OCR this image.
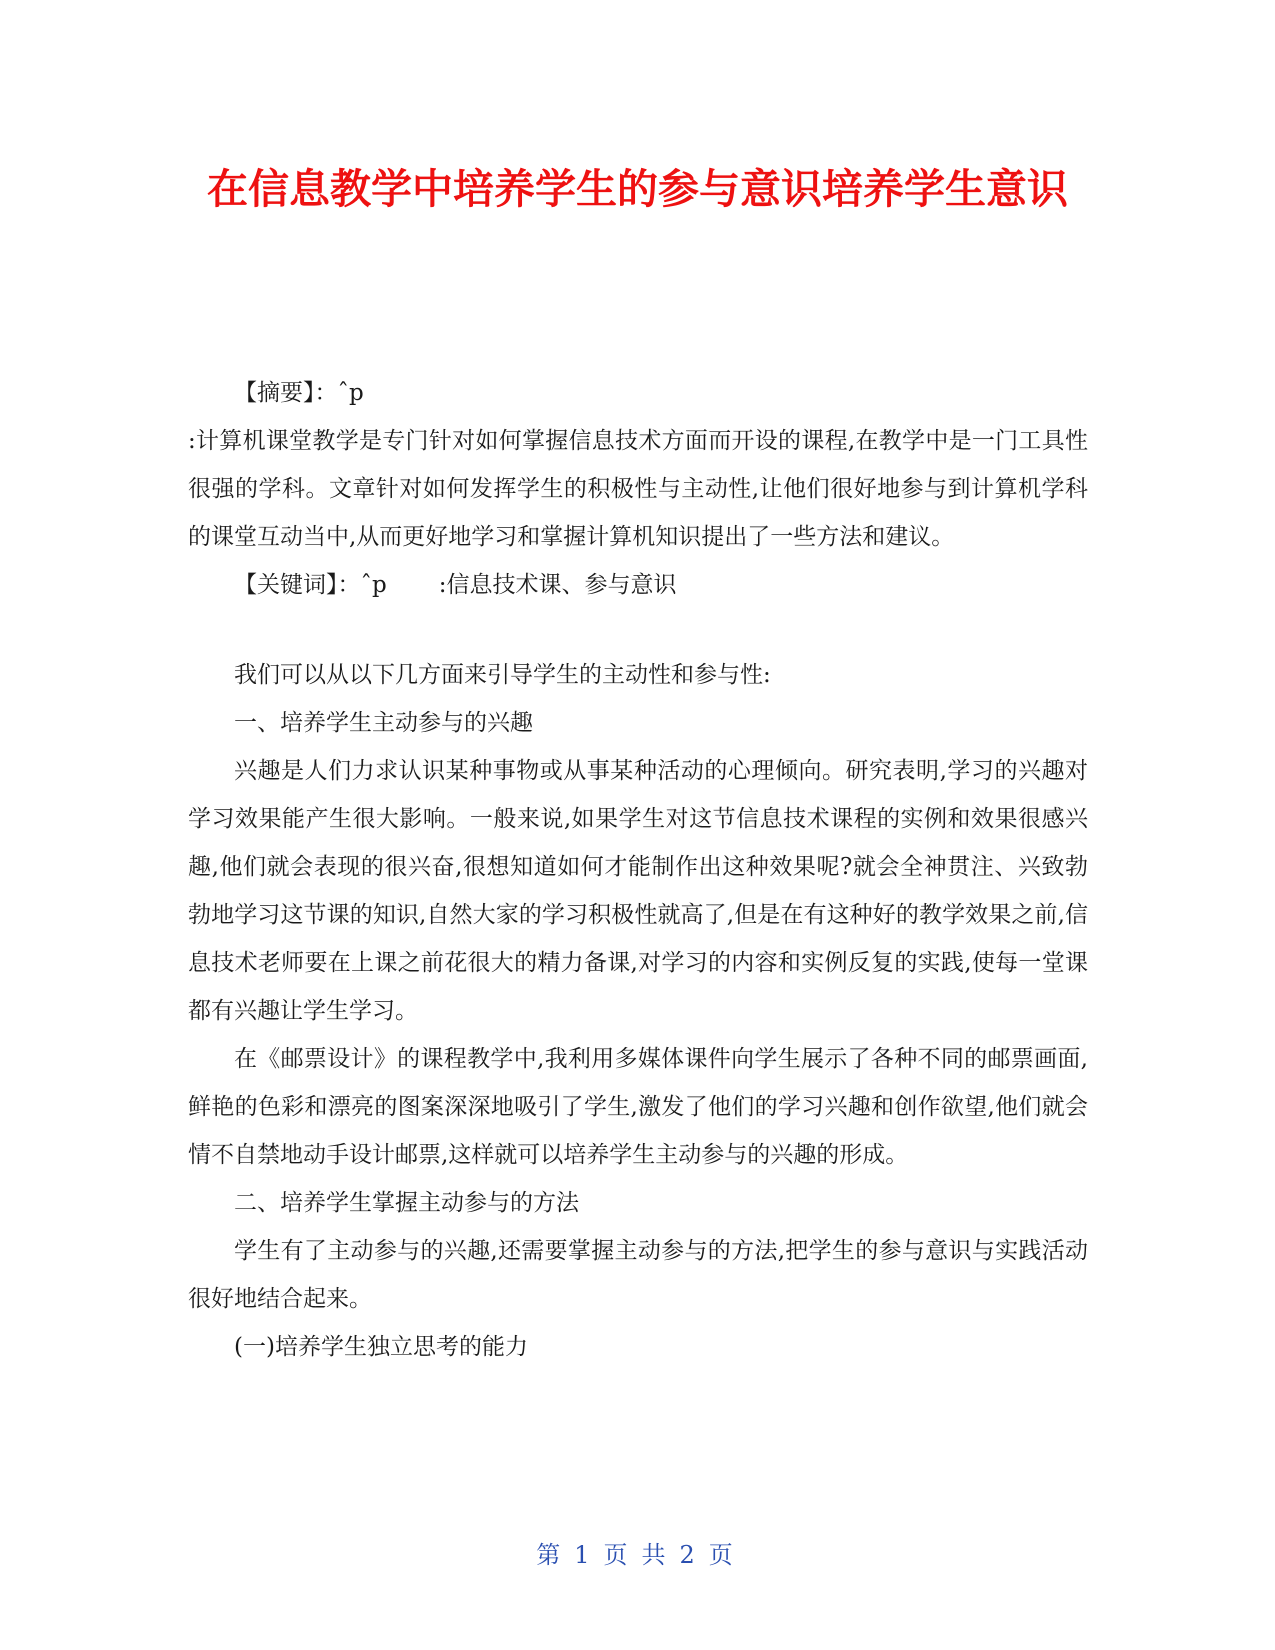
在信息教学中培养学生的参与意识培养学生意识

【摘要】：ˆp

:计算机课堂教学是专门针对如何掌握信息技术方面而开设的课程,在教学中是一门工具性很强的学科。文章针对如何发挥学生的积极性与主动性,让他们很好地参与到计算机学科的课堂互动当中,从而更好地学习和掌握计算机知识提出了一些方法和建议。

【关键词】：ˆp :信息技术课、参与意识

我们可以从以下几方面来引导学生的主动性和参与性:

一、培养学生主动参与的兴趣

兴趣是人们力求认识某种事物或从事某种活动的心理倾向。研究表明,学习的兴趣对学习效果能产生很大影响。一般来说,如果学生对这节信息技术课程的实例和效果很感兴趣,他们就会表现的很兴奋,很想知道如何才能制作出这种效果呢?就会全神贯注、兴致勃勃地学习这节课的知识,自然大家的学习积极性就高了,但是在有这种好的教学效果之前,信息技术老师要在上课之前花很大的精力备课,对学习的内容和实例反复的实践,使每一堂课都有兴趣让学生学习。

在《邮票设计》的课程教学中,我利用多媒体课件向学生展示了各种不同的邮票画面,鲜艳的色彩和漂亮的图案深深地吸引了学生,激发了他们的学习兴趣和创作欲望,他们就会情不自禁地动手设计邮票,这样就可以培养学生主动参与的兴趣的形成。

二、培养学生掌握主动参与的方法

学生有了主动参与的兴趣,还需要掌握主动参与的方法,把学生的参与意识与实践活动很好地结合起来。

(一)培养学生独立思考的能力

第 1 页 共 2 页
